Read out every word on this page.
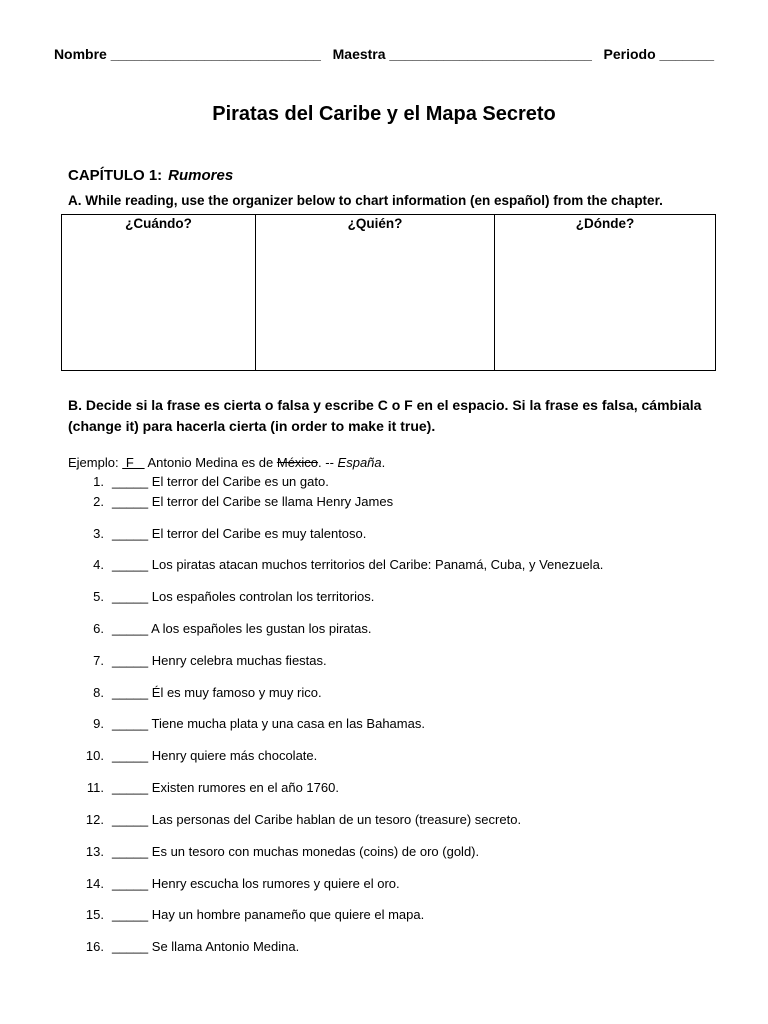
Nombre ___________________________ Maestra __________________________ Periodo _______
Piratas del Caribe y el Mapa Secreto
CAPÍTULO 1: Rumores
A. While reading, use the organizer below to chart information (en español) from the chapter.
¿Cuándo?	¿Quién?	¿Dónde?
B. Decide si la frase es cierta o falsa y escribe C o F en el espacio. Si la frase es falsa, cámbiala (change it) para hacerla cierta (in order to make it true).
Ejemplo:  F    Antonio Medina es de México. -- España.
1. _____ El terror del Caribe es un gato.
2. _____ El terror del Caribe se llama Henry James
3. _____ El terror del Caribe es muy talentoso.
4. _____ Los piratas atacan muchos territorios del Caribe: Panamá, Cuba, y Venezuela.
5. _____ Los españoles controlan los territorios.
6. _____ A los españoles les gustan los piratas.
7. _____ Henry celebra muchas fiestas.
8. _____ Él es muy famoso y muy rico.
9. _____ Tiene mucha plata y una casa en las Bahamas.
10. _____ Henry quiere más chocolate.
11. _____ Existen rumores en el año 1760.
12. _____ Las personas del Caribe hablan de un tesoro (treasure) secreto.
13. _____ Es un tesoro con muchas monedas (coins) de oro (gold).
14. _____ Henry escucha los rumores y quiere el oro.
15. _____ Hay un hombre panameño que quiere el mapa.
16. _____ Se llama Antonio Medina.
